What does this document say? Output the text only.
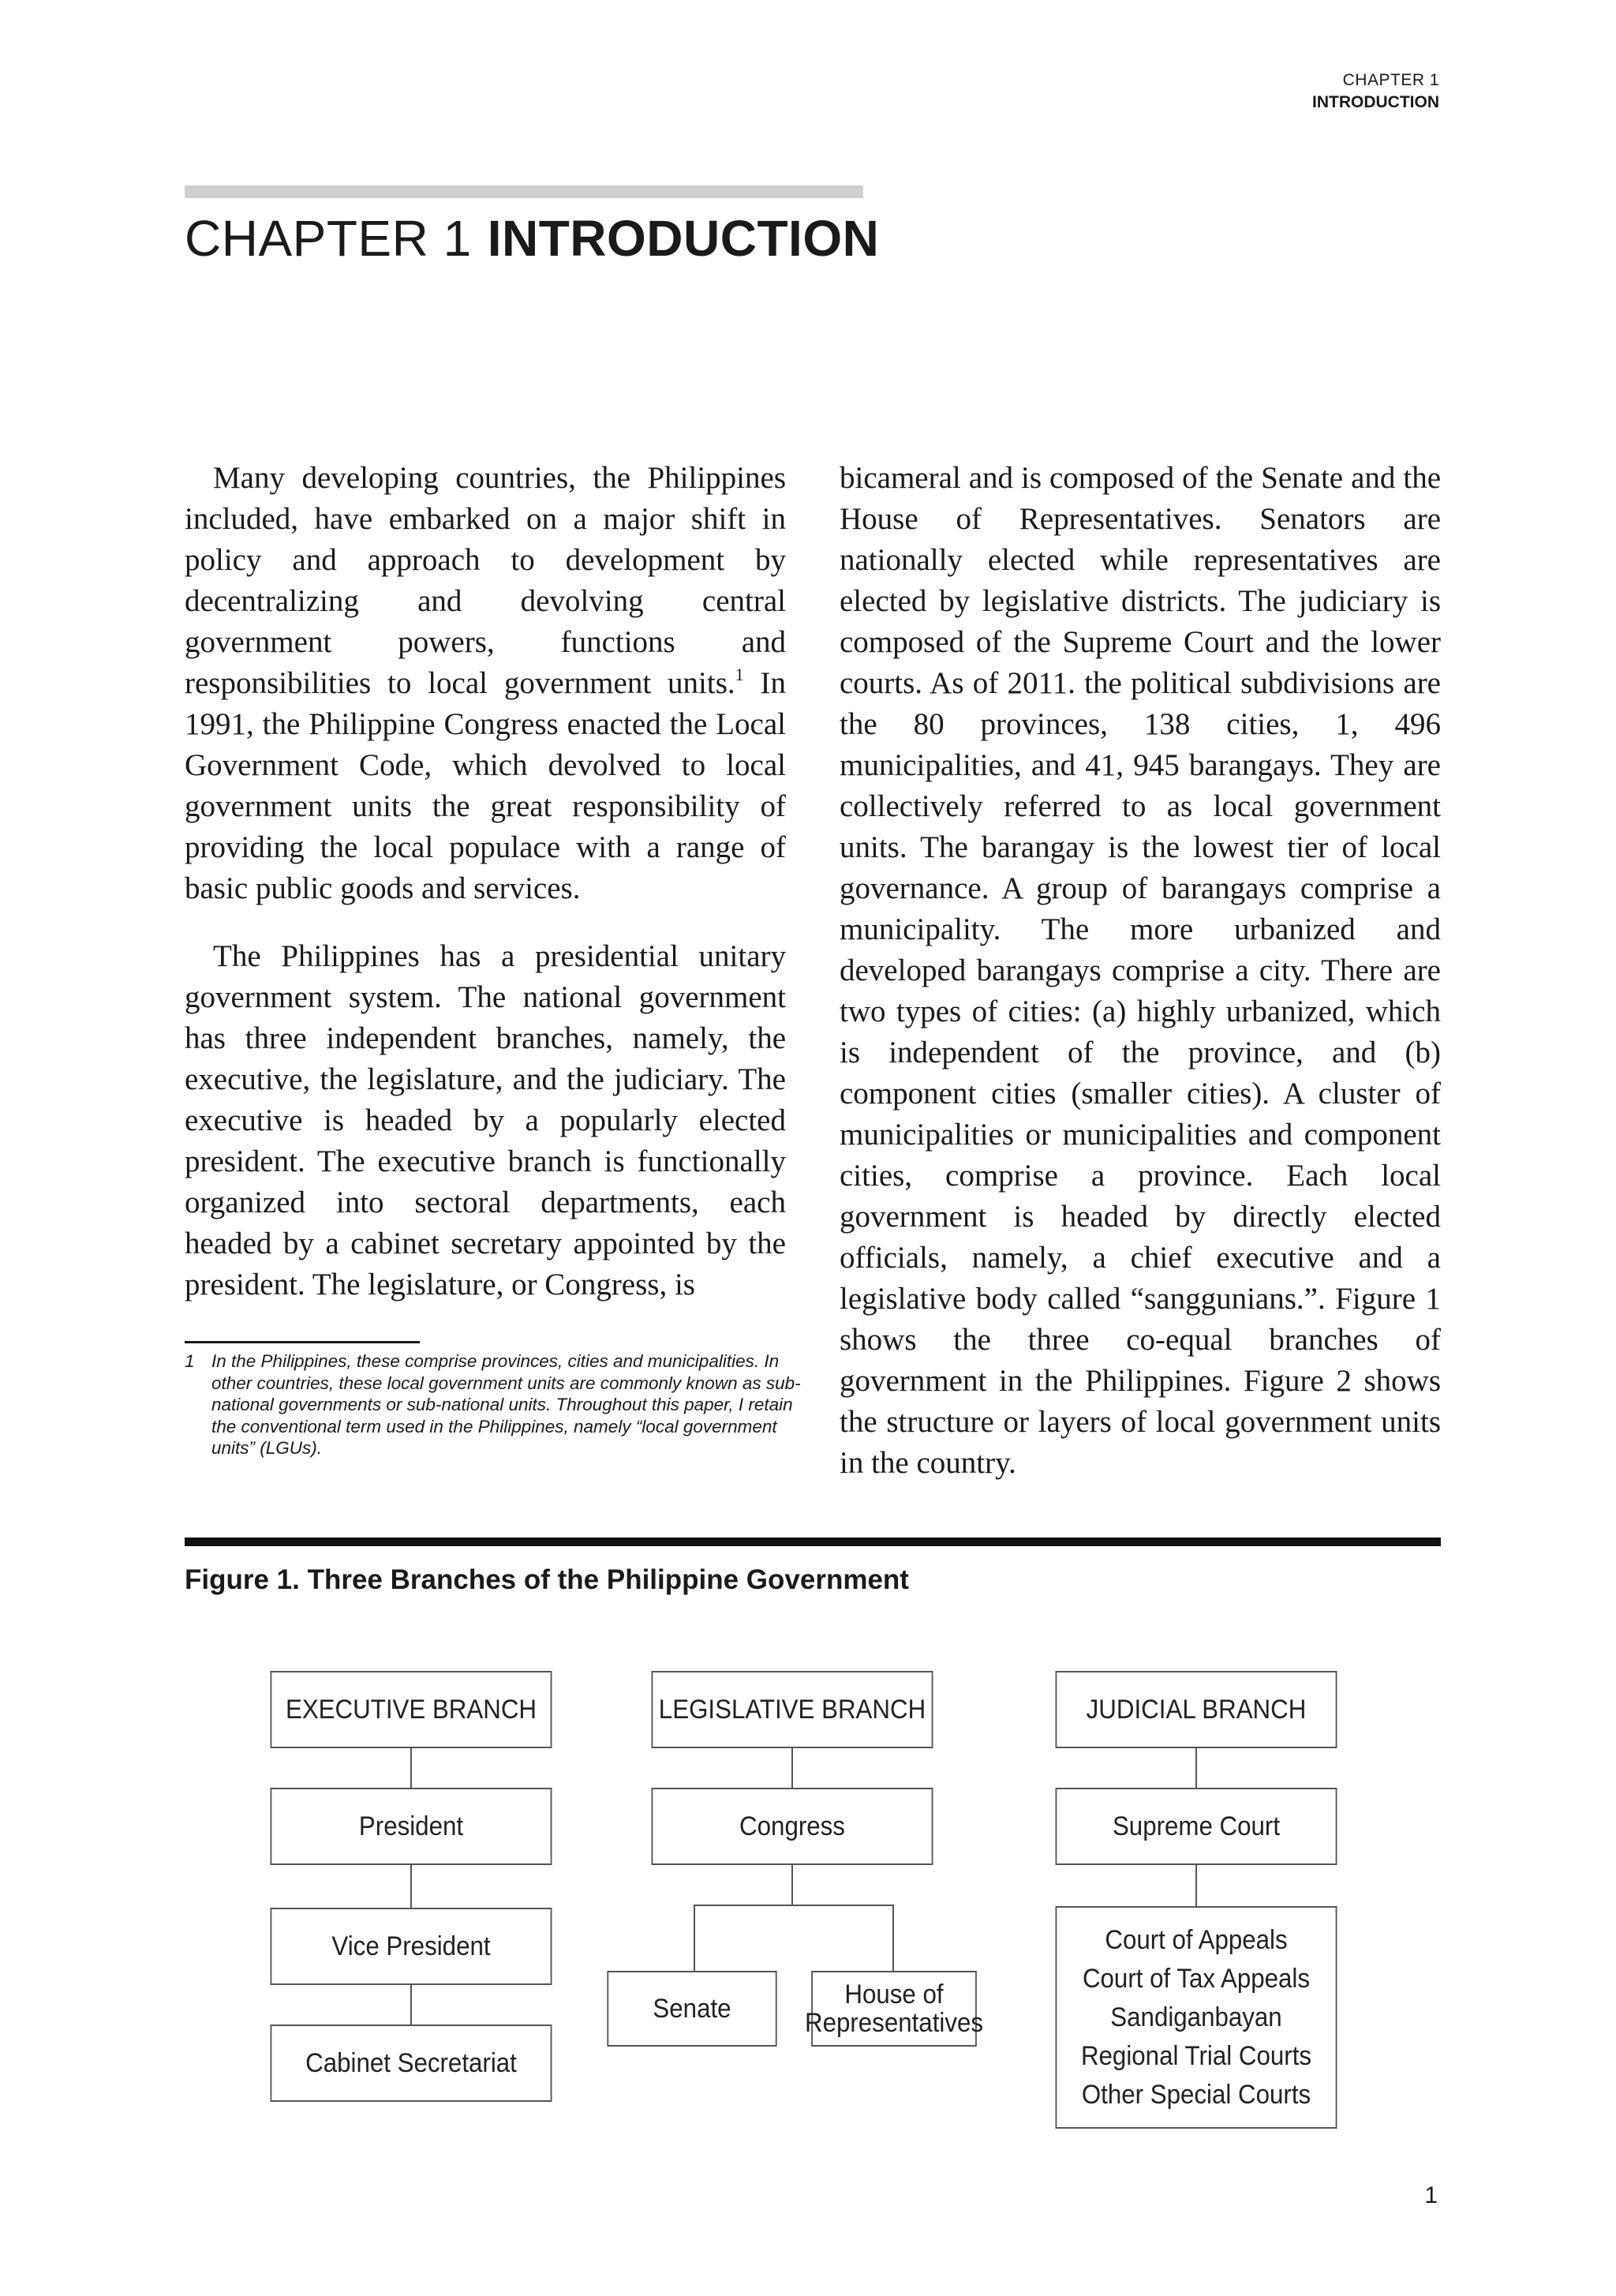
CHAPTER 1
INTRODUCTION
CHAPTER 1 INTRODUCTION

Many developing countries, the Philippines included, have embarked on a major shift in policy and approach to development by decentralizing and devolving central government powers, functions and responsibilities to local government units.$^1$ In 1991, the Philippine Congress enacted the Local Government Code, which devolved to local government units the great responsibility of providing the local populace with a range of basic public goods and services.

The Philippines has a presidential unitary government system. The national government has three independent branches, namely, the executive, the legislature, and the judiciary. The executive is headed by a popularly elected president. The executive branch is functionally organized into sectoral departments, each headed by a cabinet secretary appointed by the president. The legislature, or Congress, is

1 In the Philippines, these comprise provinces, cities and municipalities. In other countries, these local government units are commonly known as sub-national governments or sub-national units. Throughout this paper, I retain the conventional term used in the Philippines, namely “local government units” (LGUs).

bicameral and is composed of the Senate and the House of Representatives. Senators are nationally elected while representatives are elected by legislative districts. The judiciary is composed of the Supreme Court and the lower courts. As of 2011. the political subdivisions are the 80 provinces, 138 cities, 1, 496 municipalities, and 41, 945 barangays. They are collectively referred to as local government units. The barangay is the lowest tier of local governance. A group of barangays comprise a municipality. The more urbanized and developed barangays comprise a city. There are two types of cities: (a) highly urbanized, which is independent of the province, and (b) component cities (smaller cities). A cluster of municipalities or municipalities and component cities, comprise a province. Each local government is headed by directly elected officials, namely, a chief executive and a legislative body called “sanggunians.”. Figure 1 shows the three co-equal branches of government in the Philippines. Figure 2 shows the structure or layers of local government units in the country.

Figure 1. Three Branches of the Philippine Government
EXECUTIVE BRANCH
President
Vice President
Cabinet Secretariat
LEGISLATIVE BRANCH
Congress
Senate	House of
Representatives
JUDICIAL BRANCH
Supreme Court
Court of Appeals
Court of Tax Appeals
Sandiganbayan
Regional Trial Courts
Other Special Courts
1
